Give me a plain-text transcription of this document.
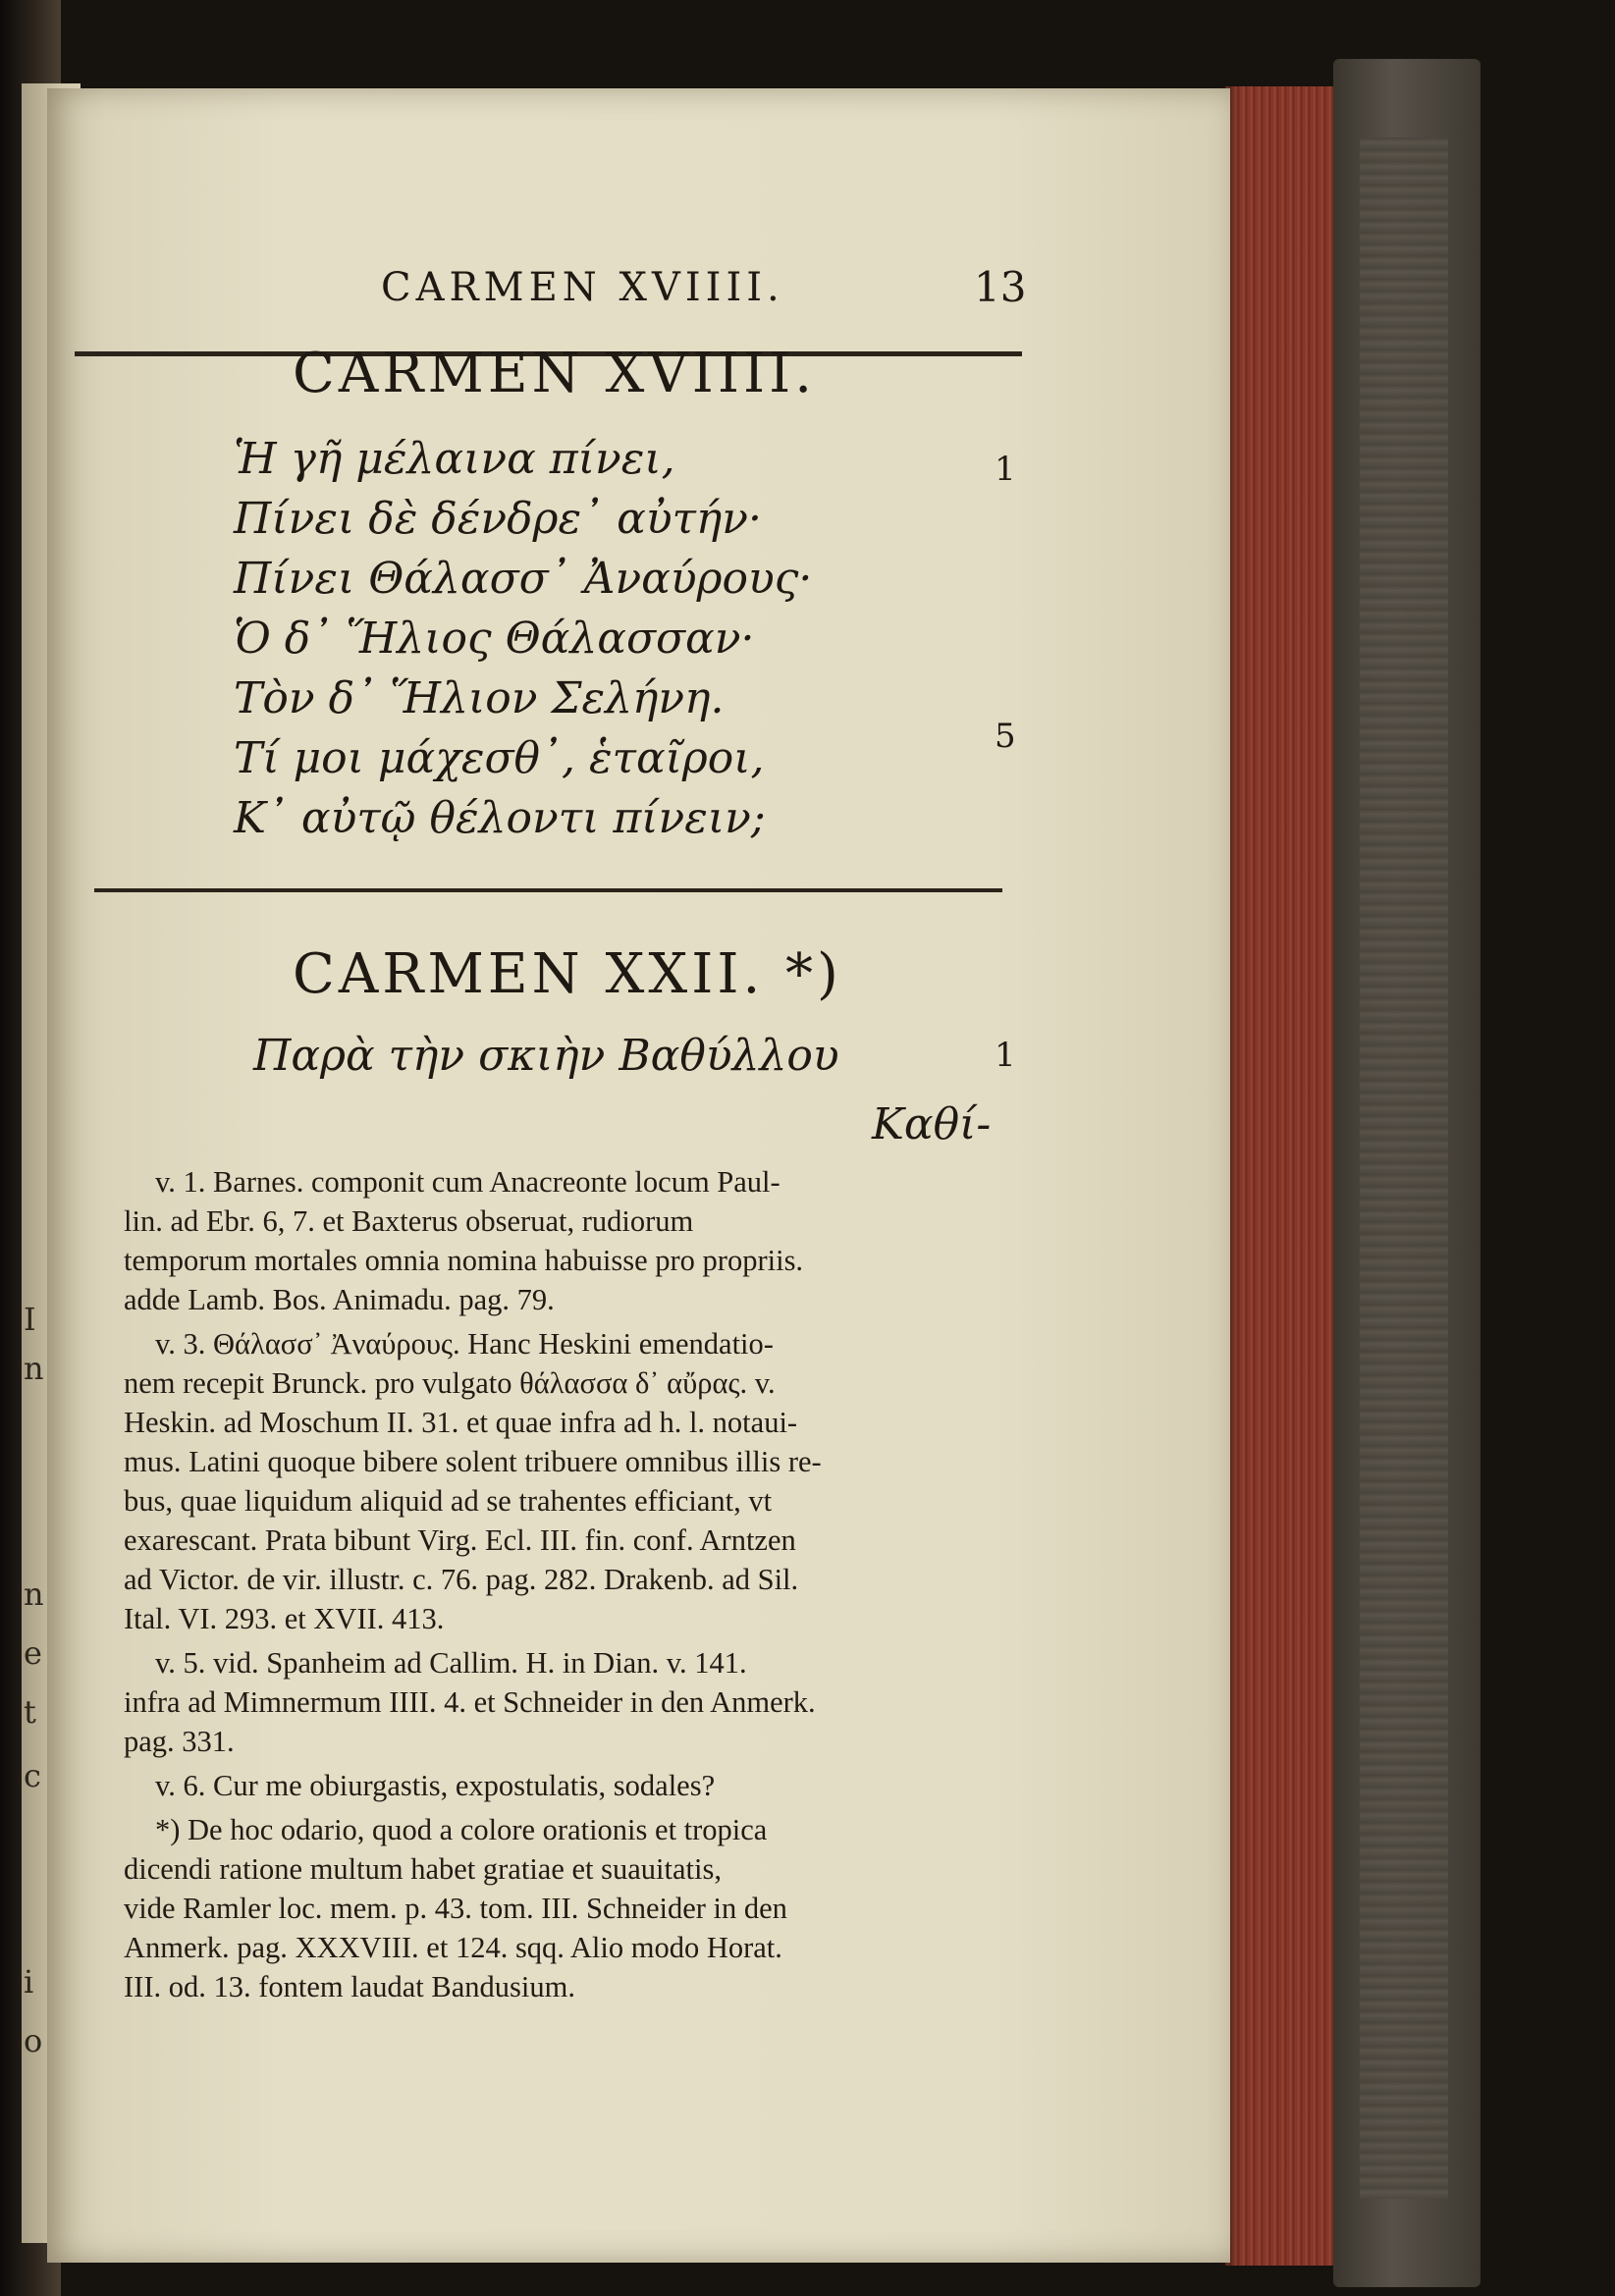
I
n
n
e
t
c
i
o
CARMEN XVIIII.	13
CARMEN XVIIII.
Ἡ γῆ μέλαινα πίνει,
Πίνει δὲ δένδρε᾽ αὐτήν·
Πίνει Θάλασσ᾽ Ἀναύρους·
Ὁ δ᾽ Ἥλιος Θάλασσαν·
Τὸν δ᾽ Ἥλιον Σελήνη.
Τί μοι μάχεσθ᾽, ἑταῖροι,
Κ᾽ αὐτῷ θέλοντι πίνειν;
1
5
CARMEN XXII. *)
Παρὰ τὴν σκιὴν Βαθύλλου	1
Καθί-
v. 1. Barnes. componit cum Anacreonte locum Paul-
lin. ad Ebr. 6, 7. et Baxterus obseruat, rudiorum
temporum mortales omnia nomina habuisse pro propriis.
adde Lamb. Bos. Animadu. pag. 79.
v. 3. Θάλασσ᾽ Ἀναύρους. Hanc Heskini emendatio-
nem recepit Brunck. pro vulgato θάλασσα δ᾽ αὔρας. v.
Heskin. ad Moschum II. 31. et quae infra ad h. l. notaui-
mus. Latini quoque bibere solent tribuere omnibus illis re-
bus, quae liquidum aliquid ad se trahentes efficiant, vt
exarescant. Prata bibunt Virg. Ecl. III. fin. conf. Arntzen
ad Victor. de vir. illustr. c. 76. pag. 282. Drakenb. ad Sil.
Ital. VI. 293. et XVII. 413.
v. 5. vid. Spanheim ad Callim. H. in Dian. v. 141.
infra ad Mimnermum IIII. 4. et Schneider in den Anmerk.
pag. 331.
v. 6. Cur me obiurgastis, expostulatis, sodales?
*) De hoc odario, quod a colore orationis et tropica
dicendi ratione multum habet gratiae et suauitatis,
vide Ramler loc. mem. p. 43. tom. III. Schneider in den
Anmerk. pag. XXXVIII. et 124. sqq. Alio modo Horat.
III. od. 13. fontem laudat Bandusium.
